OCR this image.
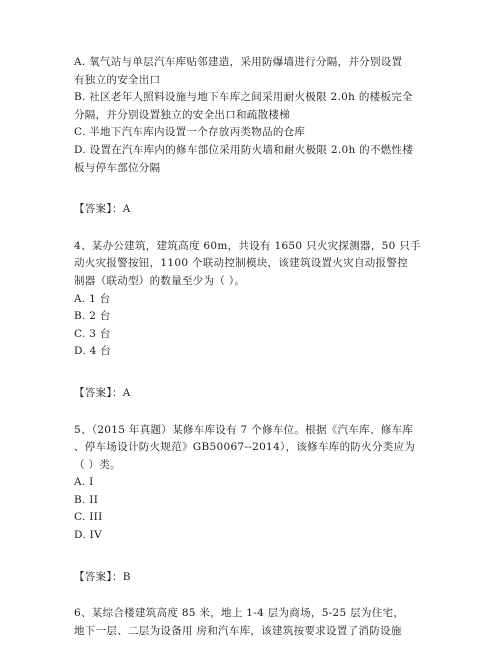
A. 氧气站与单层汽车库贴邻建造，采用防爆墙进行分隔，并分别设置
有独立的安全出口
B. 社区老年人照料设施与地下车库之间采用耐火极限 2.0h 的楼板完全
分隔，并分别设置独立的安全出口和疏散楼梯
C. 半地下汽车库内设置一个存放丙类物品的仓库
D. 设置在汽车库内的修车部位采用防火墙和耐火极限 2.0h 的不燃性楼
板与停车部位分隔
【答案】：A
4、某办公建筑，建筑高度 60m，共设有 1650 只火灾探测器，50 只手
动火灾报警按钮，1100 个联动控制模块，该建筑设置火灾自动报警控
制器（联动型）的数量至少为（ ）。
A. 1 台
B. 2 台
C. 3 台
D. 4 台
【答案】：A
5、（2015 年真题）某修车库设有 7 个修车位。根据《汽车库、修车库
、停车场设计防火规范》GB50067--2014），该修车库的防火分类应为
（ ）类。
A. I
B. II
C. III
D. IV
【答案】：B
6、某综合楼建筑高度 85 米，地上 1-4 层为商场，5-25 层为住宅，
地下一层、二层为设备用 房和汽车库，该建筑按要求设置了消防设施
